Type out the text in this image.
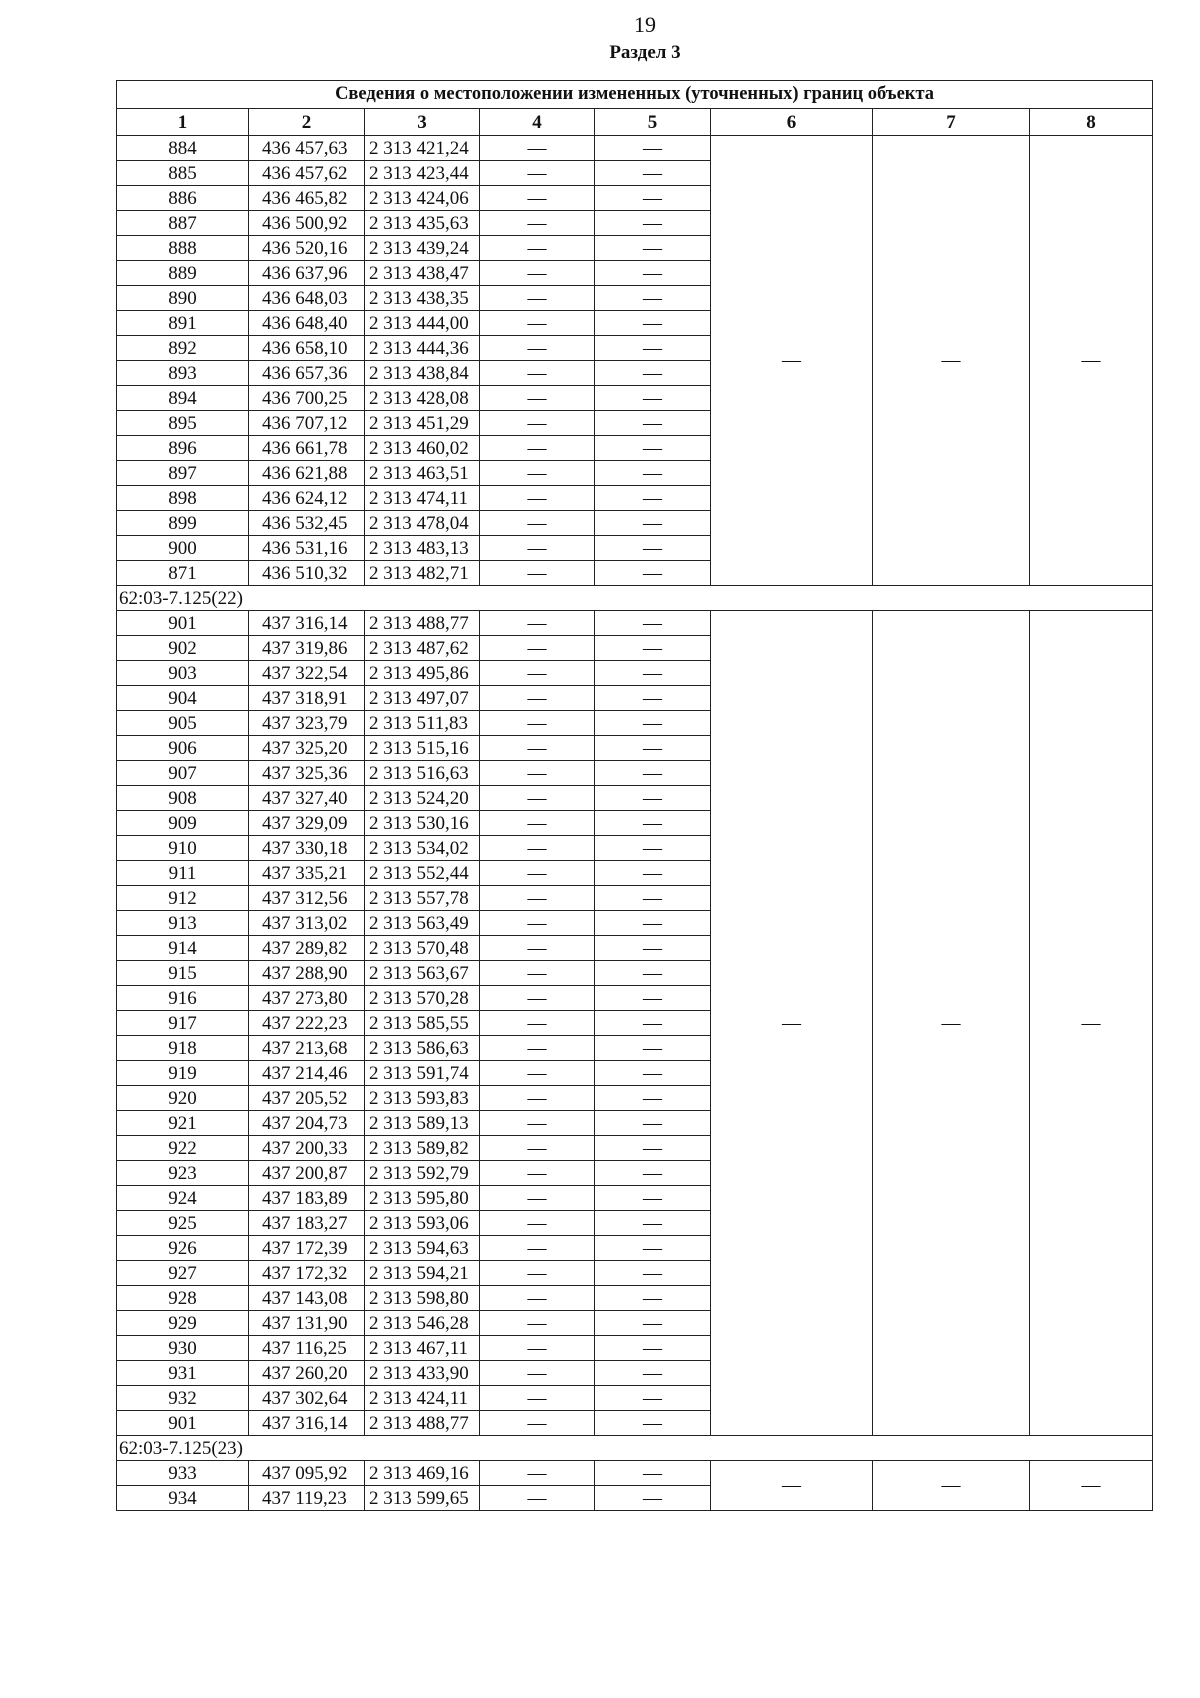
19
Раздел 3
Сведения о местоположении измененных (уточненных) границ объекта							
1	2	3	4	5	6	7	8
884	436 457,63	2 313 421,24	—	—	—	—	—
885	436 457,62	2 313 423,44	—	—			
886	436 465,82	2 313 424,06	—	—			
887	436 500,92	2 313 435,63	—	—			
888	436 520,16	2 313 439,24	—	—			
889	436 637,96	2 313 438,47	—	—			
890	436 648,03	2 313 438,35	—	—			
891	436 648,40	2 313 444,00	—	—			
892	436 658,10	2 313 444,36	—	—			
893	436 657,36	2 313 438,84	—	—			
894	436 700,25	2 313 428,08	—	—			
895	436 707,12	2 313 451,29	—	—			
896	436 661,78	2 313 460,02	—	—			
897	436 621,88	2 313 463,51	—	—			
898	436 624,12	2 313 474,11	—	—			
899	436 532,45	2 313 478,04	—	—			
900	436 531,16	2 313 483,13	—	—			
871	436 510,32	2 313 482,71	—	—			
62:03-7.125(22)							
901	437 316,14	2 313 488,77	—	—	—	—	—
902	437 319,86	2 313 487,62	—	—			
903	437 322,54	2 313 495,86	—	—			
904	437 318,91	2 313 497,07	—	—			
905	437 323,79	2 313 511,83	—	—			
906	437 325,20	2 313 515,16	—	—			
907	437 325,36	2 313 516,63	—	—			
908	437 327,40	2 313 524,20	—	—			
909	437 329,09	2 313 530,16	—	—			
910	437 330,18	2 313 534,02	—	—			
911	437 335,21	2 313 552,44	—	—			
912	437 312,56	2 313 557,78	—	—			
913	437 313,02	2 313 563,49	—	—			
914	437 289,82	2 313 570,48	—	—			
915	437 288,90	2 313 563,67	—	—			
916	437 273,80	2 313 570,28	—	—			
917	437 222,23	2 313 585,55	—	—			
918	437 213,68	2 313 586,63	—	—			
919	437 214,46	2 313 591,74	—	—			
920	437 205,52	2 313 593,83	—	—			
921	437 204,73	2 313 589,13	—	—			
922	437 200,33	2 313 589,82	—	—			
923	437 200,87	2 313 592,79	—	—			
924	437 183,89	2 313 595,80	—	—			
925	437 183,27	2 313 593,06	—	—			
926	437 172,39	2 313 594,63	—	—			
927	437 172,32	2 313 594,21	—	—			
928	437 143,08	2 313 598,80	—	—			
929	437 131,90	2 313 546,28	—	—			
930	437 116,25	2 313 467,11	—	—			
931	437 260,20	2 313 433,90	—	—			
932	437 302,64	2 313 424,11	—	—			
901	437 316,14	2 313 488,77	—	—			
62:03-7.125(23)							
933	437 095,92	2 313 469,16	—	—	—	—	—
934	437 119,23	2 313 599,65	—	—			
